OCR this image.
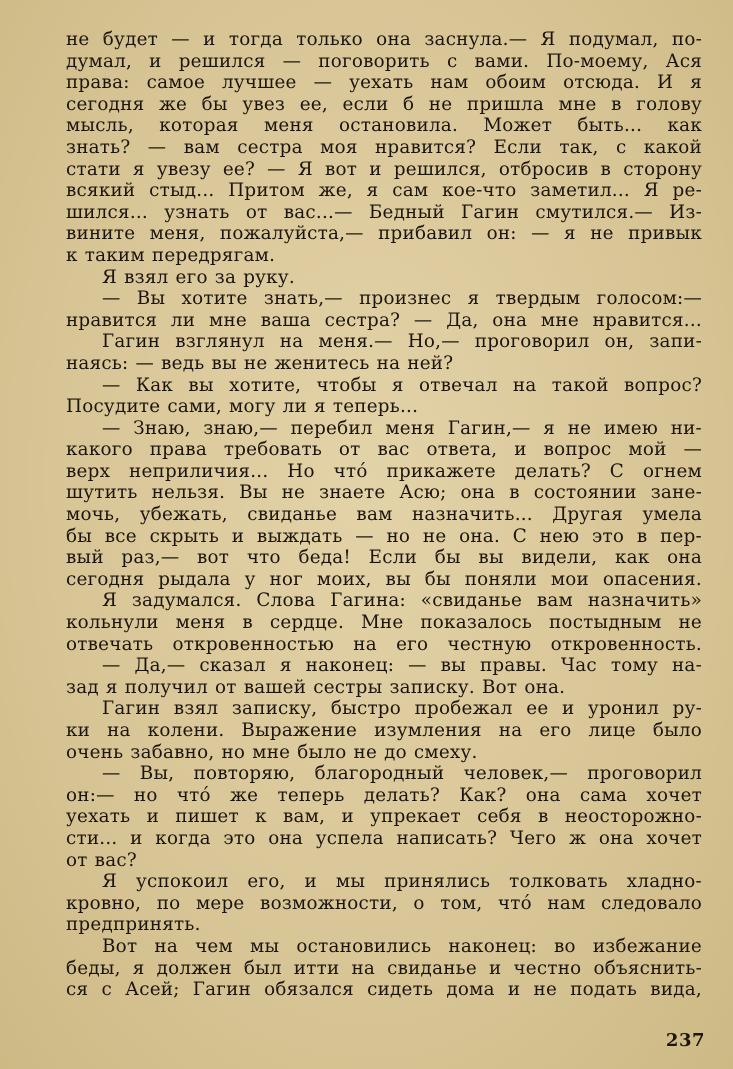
не будет — и тогда только она заснула.— Я подумал, по-
думал, и решился — поговорить с вами. По-моему, Ася
права: самое лучшее — уехать нам обоим отсюда. И я
сегодня же бы увез ее, если б не пришла мне в голову
мысль, которая меня остановила. Может быть... как
знать? — вам сестра моя нравится? Если так, с какой
стати я увезу ее? — Я вот и решился, отбросив в сторону
всякий стыд... Притом же, я сам кое-что заметил... Я ре-
шился... узнать от вас...— Бедный Гагин смутился.— Из-
вините меня, пожалуйста,— прибавил он: — я не привык
к таким передрягам.
Я взял его за руку.
— Вы хотите знать,— произнес я твердым голосом:—
нравится ли мне ваша сестра? — Да, она мне нравится...
Гагин взглянул на меня.— Но,— проговорил он, запи-
наясь: — ведь вы не женитесь на ней?
— Как вы хотите, чтобы я отвечал на такой вопрос?
Посудите сами, могу ли я теперь...
— Знаю, знаю,— перебил меня Гагин,— я не имею ни-
какого права требовать от вас ответа, и вопрос мой —
верх неприличия... Но что́ прикажете делать? С огнем
шутить нельзя. Вы не знаете Асю; она в состоянии зане-
мочь, убежать, свиданье вам назначить... Другая умела
бы все скрыть и выждать — но не она. С нею это в пер-
вый раз,— вот что беда! Если бы вы видели, как она
сегодня рыдала у ног моих, вы бы поняли мои опасения.
Я задумался. Слова Гагина: «свиданье вам назначить»
кольнули меня в сердце. Мне показалось постыдным не
отвечать откровенностью на его честную откровенность.
— Да,— сказал я наконец: — вы правы. Час тому на-
зад я получил от вашей сестры записку. Вот она.
Гагин взял записку, быстро пробежал ее и уронил ру-
ки на колени. Выражение изумления на его лице было
очень забавно, но мне было не до смеху.
— Вы, повторяю, благородный человек,— проговорил
он:— но что́ же теперь делать? Как? она сама хочет
уехать и пишет к вам, и упрекает себя в неосторожно-
сти... и когда это она успела написать? Чего ж она хочет
от вас?
Я успокоил его, и мы принялись толковать хладно-
кровно, по мере возможности, о том, что́ нам следовало
предпринять.
Вот на чем мы остановились наконец: во избежание
беды, я должен был итти на свиданье и честно объяснить-
ся с Асей; Гагин обязался сидеть дома и не подать вида,
237
